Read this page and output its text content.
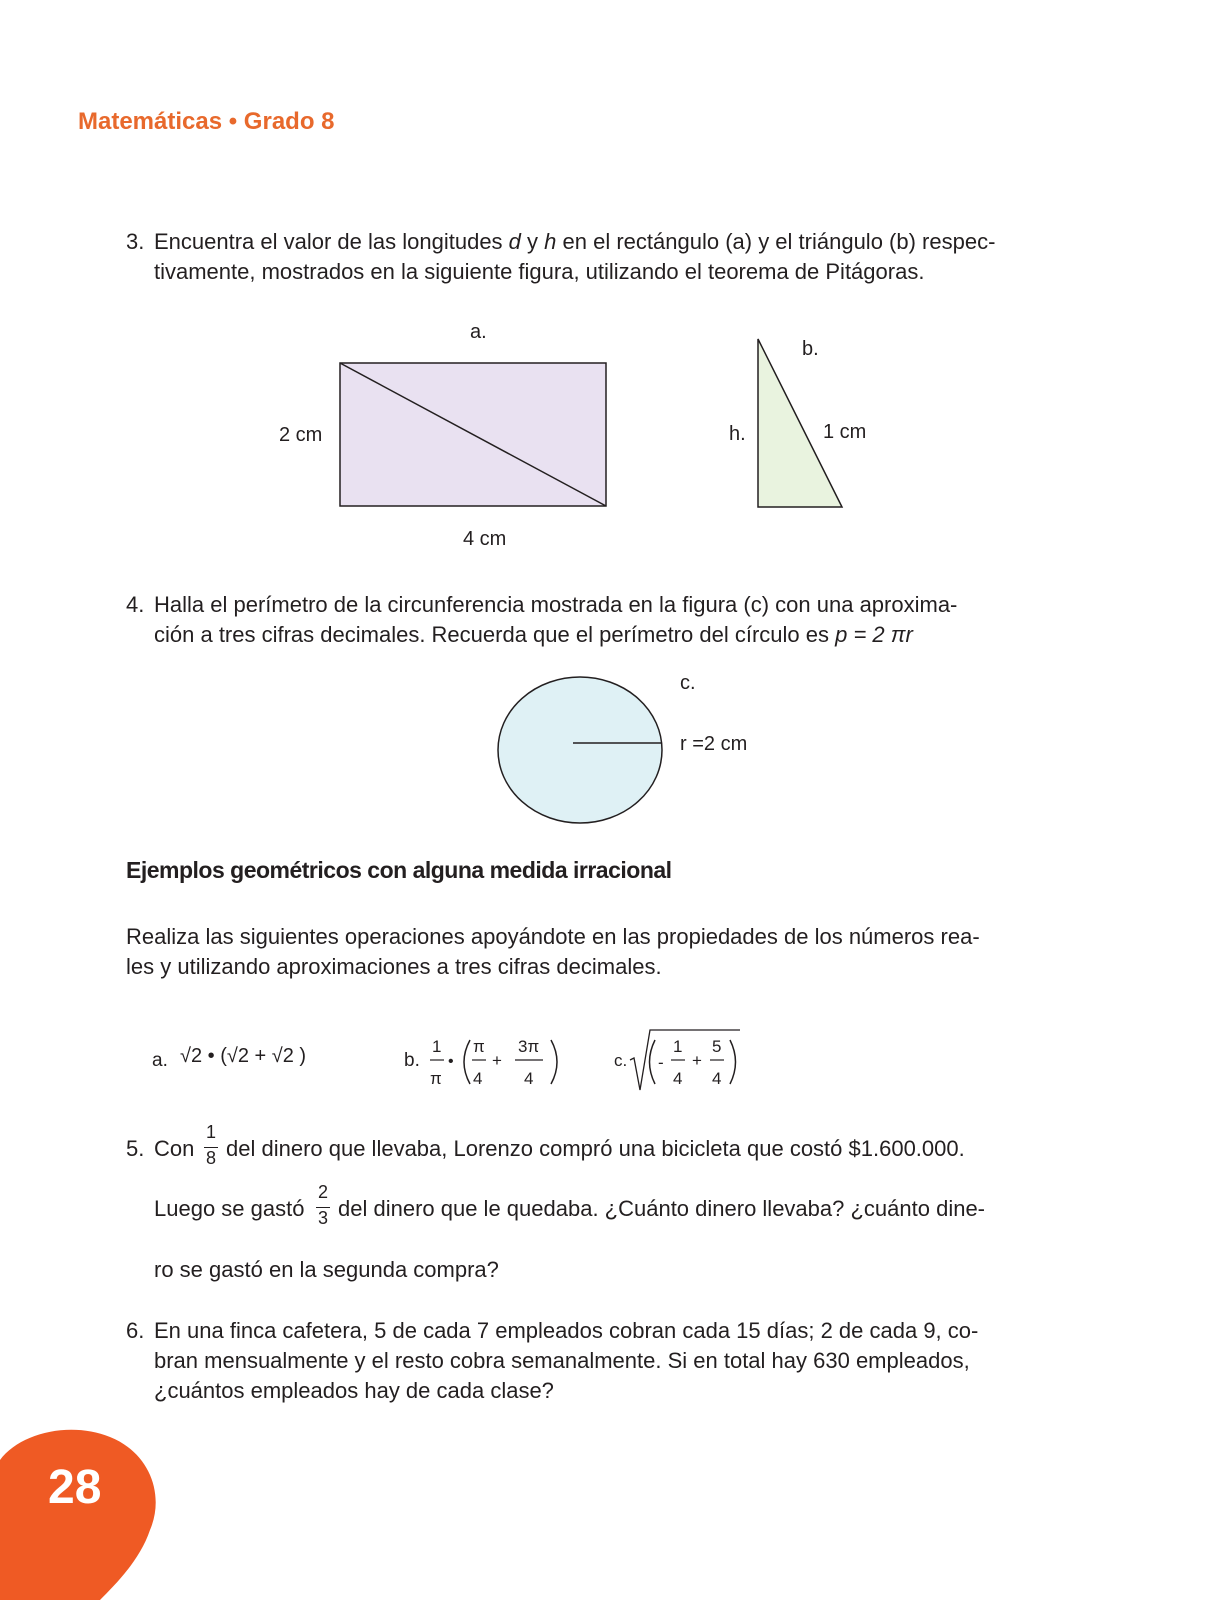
Matemáticas • Grado 8
3. Encuentra el valor de las longitudes d y h en el rectángulo (a) y el triángulo (b) respec-
tivamente, mostrados en la siguiente figura, utilizando el teorema de Pitágoras.
a.
2 cm
4 cm
b.
h.	1 cm
4. Halla el perímetro de la circunferencia mostrada en la figura (c) con una aproxima-
ción a tres cifras decimales. Recuerda que el perímetro del círculo es p = 2 πr
c.
r =2 cm
Ejemplos geométricos con alguna medida irracional
Realiza las siguientes operaciones apoyándote en las propiedades de los números rea-
les y utilizando aproximaciones a tres cifras decimales.
a. √2 • (√2 + √2 )	b.
1
π
•
π
4
+
3π
4
c. -
1
4
+
5
4
5. Con
1
8 del dinero que llevaba, Lorenzo compró una bicicleta que costó $1.600.000.
Luego se gastó
2
3 del dinero que le quedaba. ¿Cuánto dinero llevaba? ¿cuánto dine-
ro se gastó en la segunda compra?
6. En una finca cafetera, 5 de cada 7 empleados cobran cada 15 días; 2 de cada 9, co-
bran mensualmente y el resto cobra semanalmente. Si en total hay 630 empleados,
¿cuántos empleados hay de cada clase?
28
